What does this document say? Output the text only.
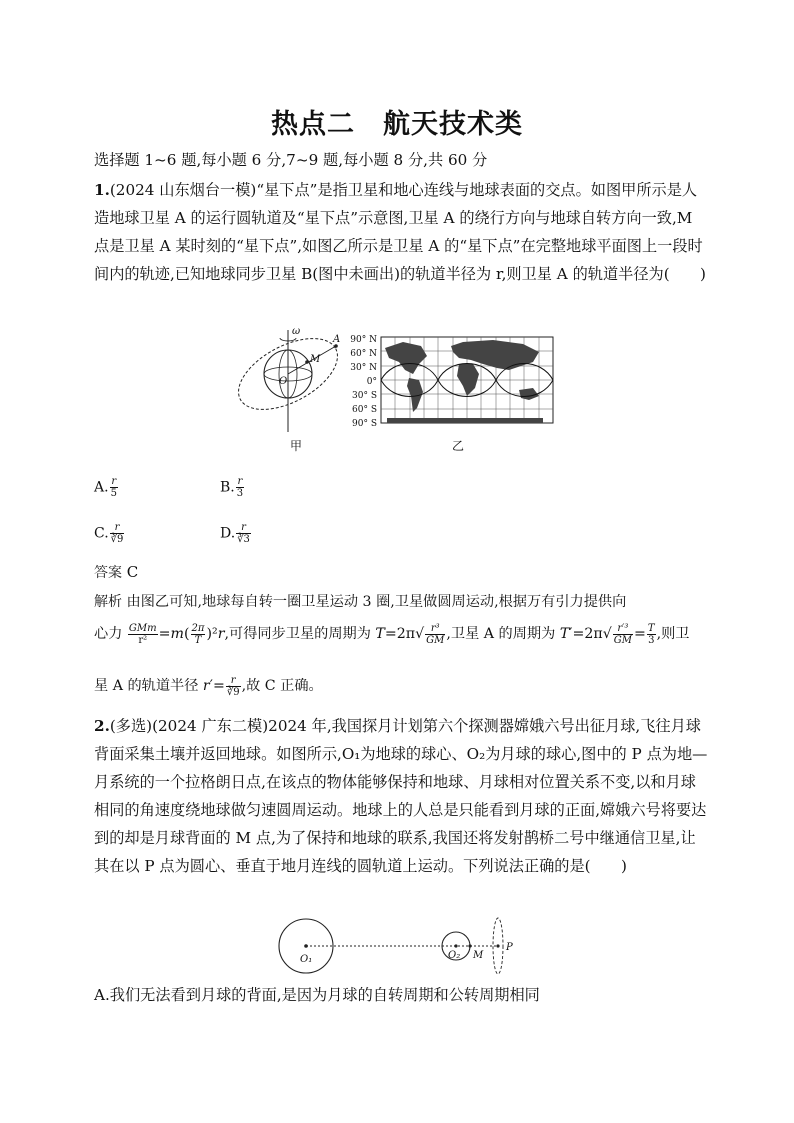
热点二　航天技术类
选择题 1~6 题,每小题 6 分,7~9 题,每小题 8 分,共 60 分
1.(2024 山东烟台一模)“星下点”是指卫星和地心连线与地球表面的交点。如图甲所示是人造地球卫星 A 的运行圆轨道及“星下点”示意图,卫星 A 的绕行方向与地球自转方向一致,M 点是卫星 A 某时刻的“星下点”,如图乙所示是卫星 A 的“星下点”在完整地球平面图上一段时间内的轨迹,已知地球同步卫星 B(图中未画出)的轨道半径为 r,则卫星 A 的轨道半径为(　　)
ω
A
M
O
甲
90° N
60° N
30° N
0°
30° S
60° S
90° S
乙
A. $\frac{r}{5}$	B. $\frac{r}{3}$
C. $\frac{r}{∛9}$	D. $\frac{r}{∛3}$
答案 C
解析 由图乙可知,地球每自转一圈卫星运动 3 圈,卫星做圆周运动,根据万有引力提供向
心力 $\frac{\text{GMm}}{\text{r²}} =m( \frac{2\pi}{T} )^2r$,可得同步卫星的周期为 $T=2\pi√ \frac{\text{r³}}{GM}$ ,卫星 A 的周期为 $T'=2\pi√ \frac{\text{r′³}}{GM} = \frac{T}{3}$ ,则卫
星 A 的轨道半径 $r'= \frac{r}{∛9}$ ,故 C 正确。
2.(多选)(2024 广东二模)2024 年,我国探月计划第六个探测器嫦娥六号出征月球,飞往月球背面采集土壤并返回地球。如图所示,O₁为地球的球心、O₂为月球的球心,图中的 P 点为地—月系统的一个拉格朗日点,在该点的物体能够保持和地球、月球相对位置关系不变,以和月球相同的角速度绕地球做匀速圆周运动。地球上的人总是只能看到月球的正面,嫦娥六号将要达到的却是月球背面的 M 点,为了保持和地球的联系,我国还将发射鹊桥二号中继通信卫星,让其在以 P 点为圆心、垂直于地月连线的圆轨道上运动。下列说法正确的是(　　)
O₁	O₂ M
P
A.我们无法看到月球的背面,是因为月球的自转周期和公转周期相同
